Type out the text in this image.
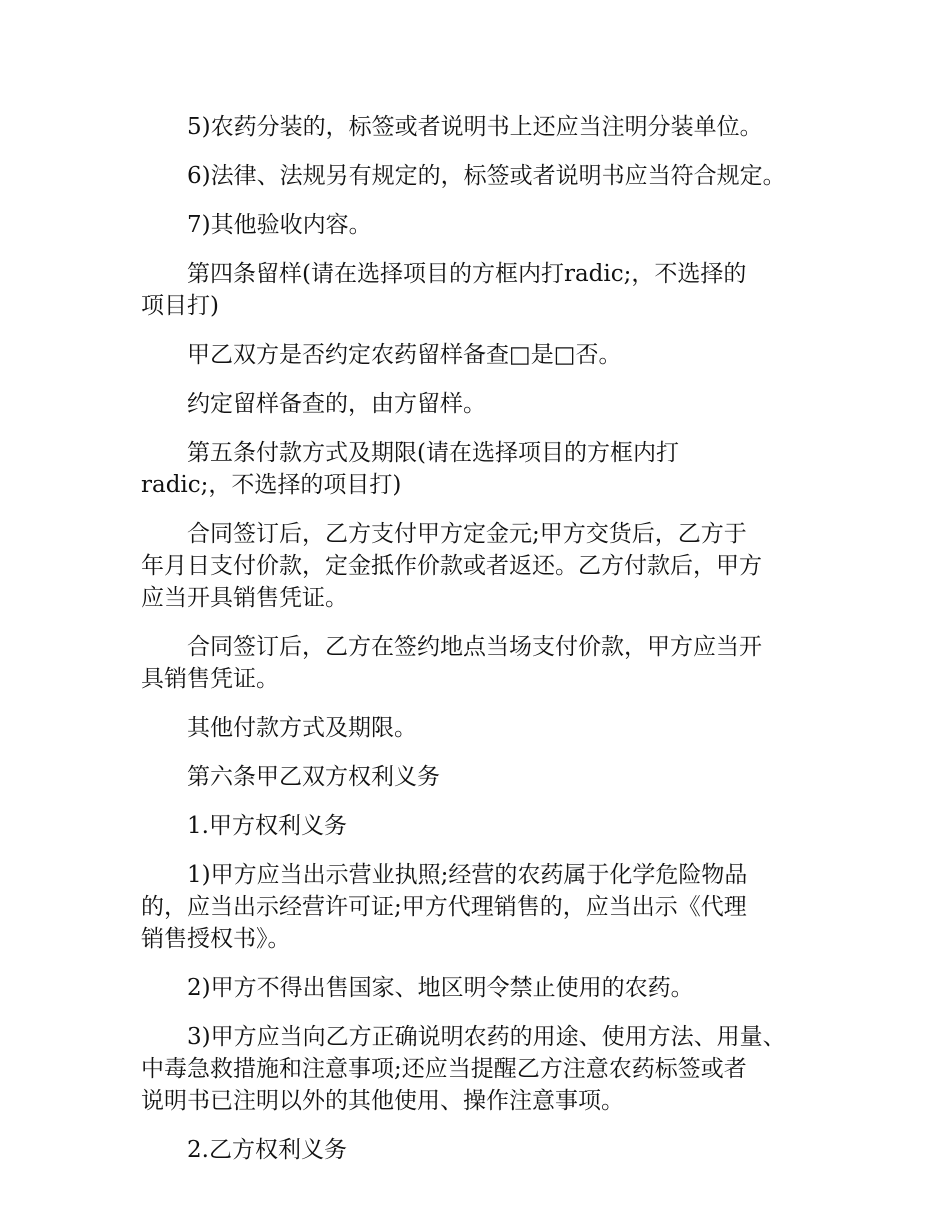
5)农药分装的，标签或者说明书上还应当注明分装单位。

6)法律、法规另有规定的，标签或者说明书应当符合规定。

7)其他验收内容。

第四条留样(请在选择项目的方框内打radic;，不选择的
项目打)

甲乙双方是否约定农药留样备查□是□否。

约定留样备查的，由方留样。

第五条付款方式及期限(请在选择项目的方框内打
radic;，不选择的项目打)

合同签订后，乙方支付甲方定金元;甲方交货后，乙方于
年月日支付价款，定金抵作价款或者返还。乙方付款后，甲方
应当开具销售凭证。

合同签订后，乙方在签约地点当场支付价款，甲方应当开
具销售凭证。

其他付款方式及期限。

第六条甲乙双方权利义务

1.甲方权利义务

1)甲方应当出示营业执照;经营的农药属于化学危险物品
的，应当出示经营许可证;甲方代理销售的，应当出示《代理
销售授权书》。

2)甲方不得出售国家、地区明令禁止使用的农药。

3)甲方应当向乙方正确说明农药的用途、使用方法、用量、
中毒急救措施和注意事项;还应当提醒乙方注意农药标签或者
说明书已注明以外的其他使用、操作注意事项。

2.乙方权利义务
